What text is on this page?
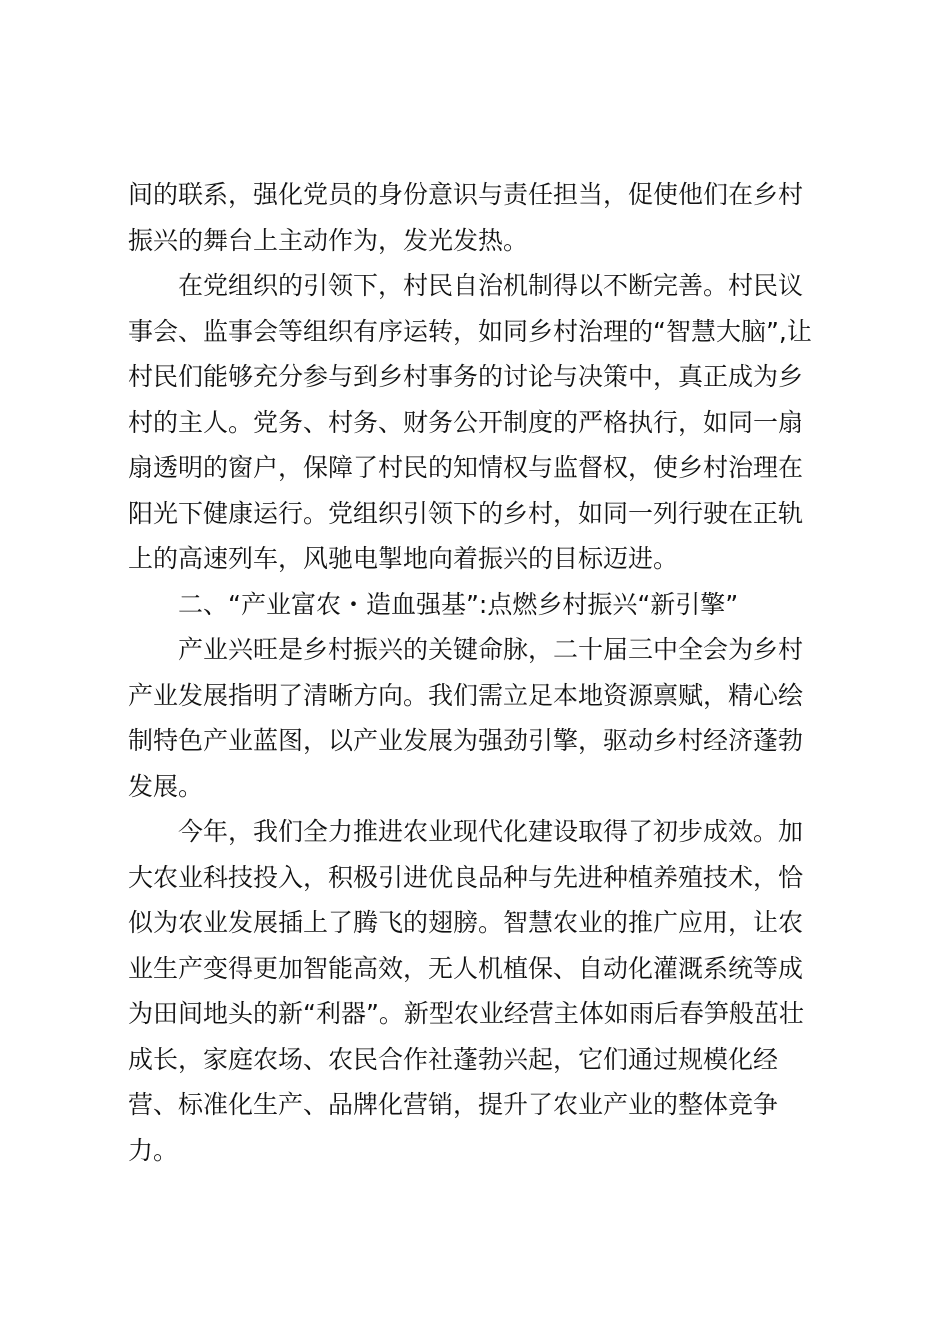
间的联系，强化党员的身份意识与责任担当，促使他们在乡村
振兴的舞台上主动作为，发光发热。
在党组织的引领下，村民自治机制得以不断完善。村民议
事会、监事会等组织有序运转，如同乡村治理的“智慧大脑”,让
村民们能够充分参与到乡村事务的讨论与决策中，真正成为乡
村的主人。党务、村务、财务公开制度的严格执行，如同一扇
扇透明的窗户，保障了村民的知情权与监督权，使乡村治理在
阳光下健康运行。党组织引领下的乡村，如同一列行驶在正轨
上的高速列车，风驰电掣地向着振兴的目标迈进。
二、“产业富农・造血强基”:点燃乡村振兴“新引擎”
产业兴旺是乡村振兴的关键命脉，二十届三中全会为乡村
产业发展指明了清晰方向。我们需立足本地资源禀赋，精心绘
制特色产业蓝图，以产业发展为强劲引擎，驱动乡村经济蓬勃
发展。
今年，我们全力推进农业现代化建设取得了初步成效。加
大农业科技投入，积极引进优良品种与先进种植养殖技术，恰
似为农业发展插上了腾飞的翅膀。智慧农业的推广应用，让农
业生产变得更加智能高效，无人机植保、自动化灌溉系统等成
为田间地头的新“利器”。新型农业经营主体如雨后春笋般茁壮
成长，家庭农场、农民合作社蓬勃兴起，它们通过规模化经
营、标准化生产、品牌化营销，提升了农业产业的整体竞争
力。
